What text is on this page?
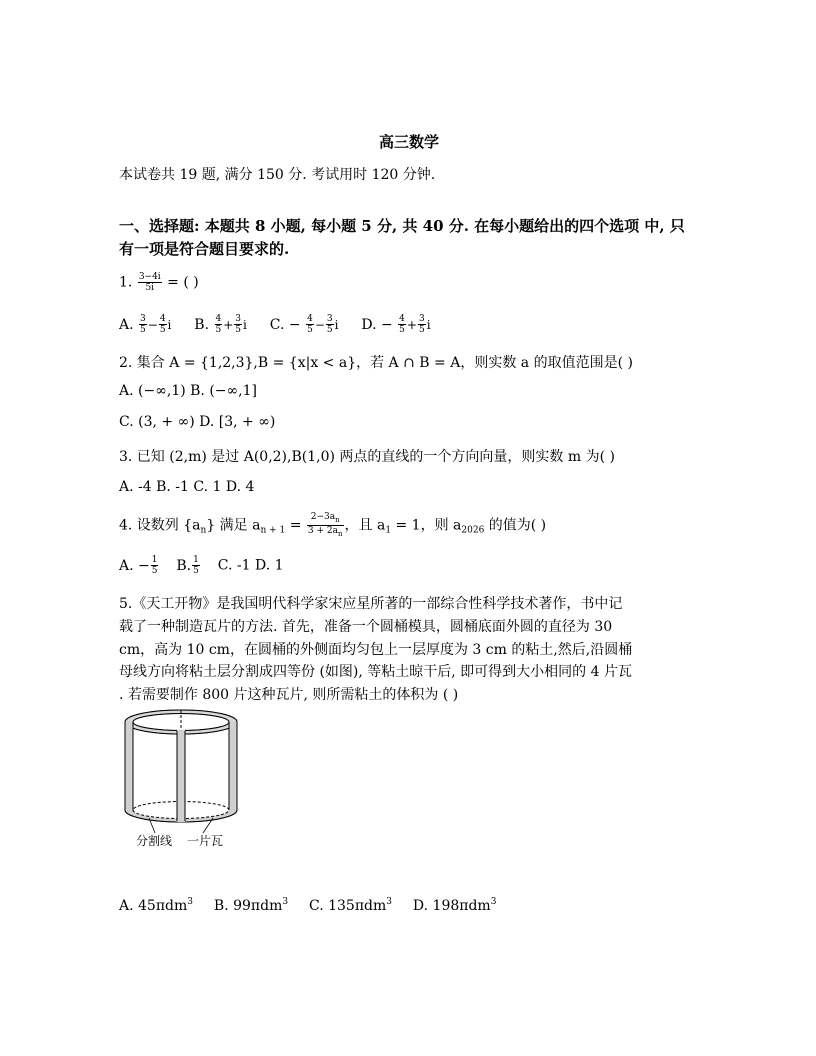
高三数学
本试卷共 19 题, 满分 150 分. 考试用时 120 分钟.
一、选择题: 本题共 8 小题, 每小题 5 分, 共 40 分. 在每小题给出的四个选项 中, 只
有一项是符合题目要求的.
1. $\frac{3-4i}{5i}$ = ( )
A. $\frac{3}{5} - \frac{4}{5}$ i B. $\frac{4}{5} + \frac{3}{5}$ i C. − $\frac{4}{5} - \frac{3}{5}$ i D. − $\frac{4}{5} + \frac{3}{5}$ i
2. 集合 A = {1,2,3},B = {x|x < a}，若 A ∩ B = A，则实数 a 的取值范围是( )
A. (−∞,1) B. (−∞,1]
C. (3, + ∞) D. [3, + ∞)
3. 已知 (2,m) 是过 A(0,2),B(1,0) 两点的直线的一个方向向量，则实数 m 为( )
A. -4 B. -1 C. 1 D. 4
4. 设数列 $\{a_n\}$ 满足 $a_{n + 1} = \frac{2-3a_n}{3 + 2a_n}$ ，且 $a_1 = 1$，则 $a_{2026}$ 的值为( )
A. − $\frac{1}{5} B$. $\frac{1}{5} C$. -1 D. 1
5.《天工开物》是我国明代科学家宋应星所著的一部综合性科学技术著作，书中记
载了一种制造瓦片的方法. 首先，准备一个圆桶模具，圆桶底面外圆的直径为 30
cm，高为 10 cm，在圆桶的外侧面均匀包上一层厚度为 3 cm 的粘土,然后,沿圆桶
母线方向将粘土层分割成四等份 (如图), 等粘土晾干后, 即可得到大小相同的 4 片瓦
. 若需要制作 800 片这种瓦片, 则所需粘土的体积为 ( )
分割线 一片瓦
A. 45πdm$^3$ B. 99πdm$^3$ C. 135πdm$^3$ D. 198πdm$^3$
